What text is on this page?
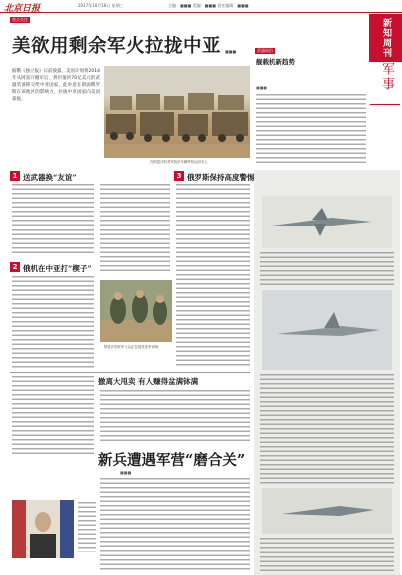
北京日报	2017年10月18日 星期三	主编：■■■ 美编：■■■ 责任编辑：■■■
新知周刊
军事
焦点关注
美欲用剩余军火拉拢中亚 ■■■
据俄《独立报》日前披露，美国计划将2014年从阿富汗撤军后，将价值约70亿美元的武器装备移交给中亚国家，此举意在削弱俄罗斯在该地区的影响力，拉拢中亚国家向美国靠拢。
在阿富汗的美军装甲车辆等待运回本土
武器前沿
舰载机新趋势
■■■
1 送武器换“友谊”
2 俄机在中亚打“楔子”
3 俄罗斯保持高度警惕
阿富汗国民军士兵正在接受美军训练
撤离大甩卖 有人赚得盆满钵满
新兵遭遇军营“磨合关”
■■■
